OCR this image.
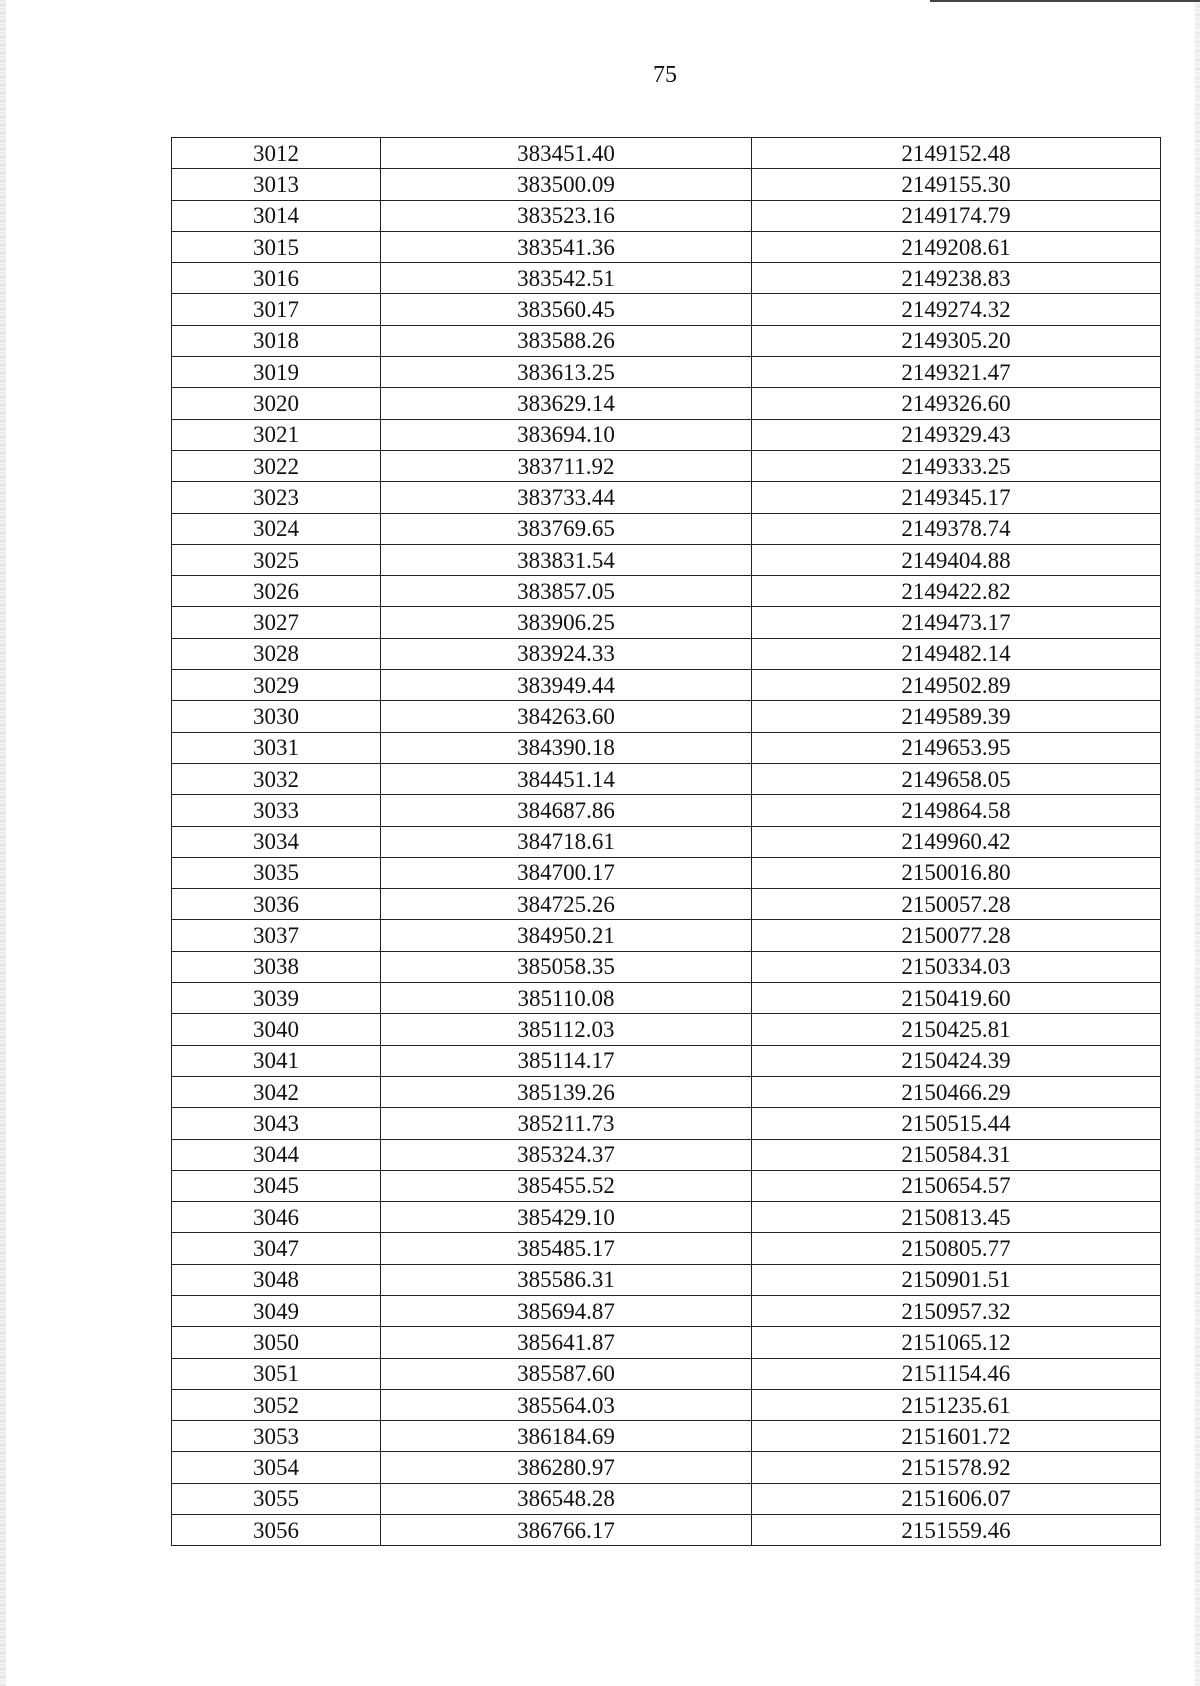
75
3012	383451.40	2149152.48
3013	383500.09	2149155.30
3014	383523.16	2149174.79
3015	383541.36	2149208.61
3016	383542.51	2149238.83
3017	383560.45	2149274.32
3018	383588.26	2149305.20
3019	383613.25	2149321.47
3020	383629.14	2149326.60
3021	383694.10	2149329.43
3022	383711.92	2149333.25
3023	383733.44	2149345.17
3024	383769.65	2149378.74
3025	383831.54	2149404.88
3026	383857.05	2149422.82
3027	383906.25	2149473.17
3028	383924.33	2149482.14
3029	383949.44	2149502.89
3030	384263.60	2149589.39
3031	384390.18	2149653.95
3032	384451.14	2149658.05
3033	384687.86	2149864.58
3034	384718.61	2149960.42
3035	384700.17	2150016.80
3036	384725.26	2150057.28
3037	384950.21	2150077.28
3038	385058.35	2150334.03
3039	385110.08	2150419.60
3040	385112.03	2150425.81
3041	385114.17	2150424.39
3042	385139.26	2150466.29
3043	385211.73	2150515.44
3044	385324.37	2150584.31
3045	385455.52	2150654.57
3046	385429.10	2150813.45
3047	385485.17	2150805.77
3048	385586.31	2150901.51
3049	385694.87	2150957.32
3050	385641.87	2151065.12
3051	385587.60	2151154.46
3052	385564.03	2151235.61
3053	386184.69	2151601.72
3054	386280.97	2151578.92
3055	386548.28	2151606.07
3056	386766.17	2151559.46
